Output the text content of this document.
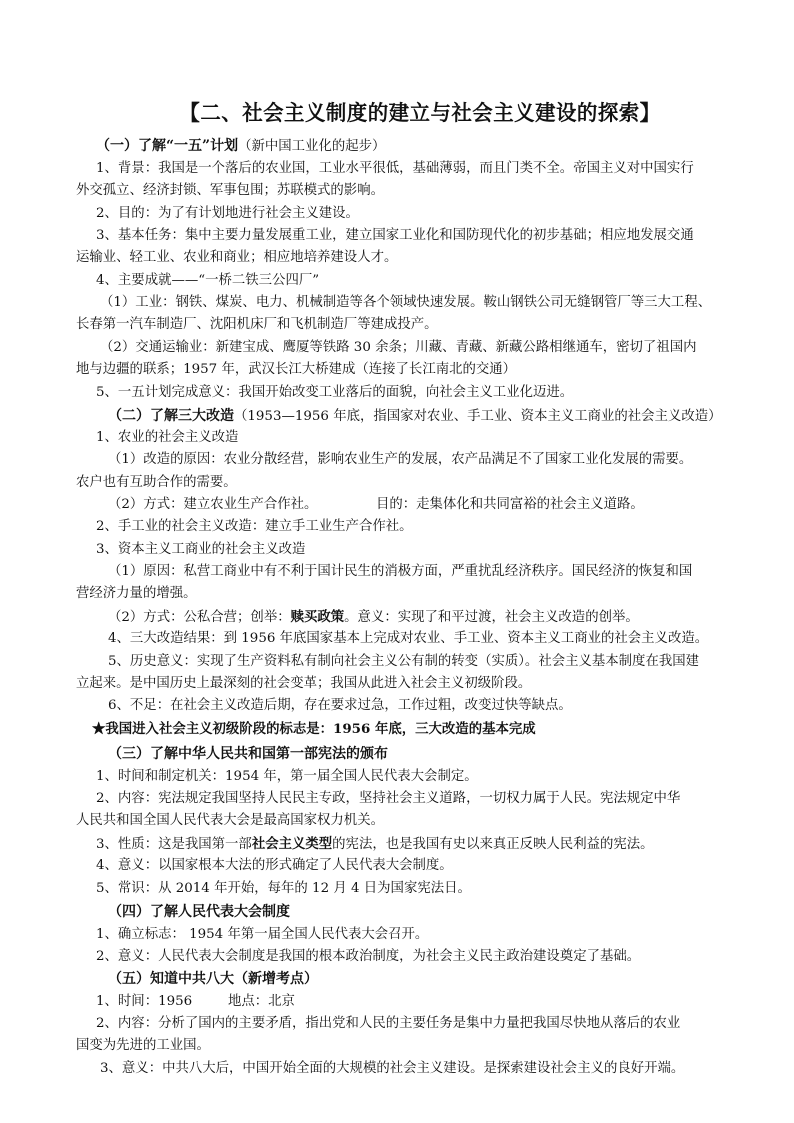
【二、社会主义制度的建立与社会主义建设的探索】
（一）了解“一五”计划（新中国工业化的起步）
1、背景：我国是一个落后的农业国，工业水平很低，基础薄弱，而且门类不全。帝国主义对中国实行
外交孤立、经济封锁、军事包围；苏联模式的影响。
2、目的：为了有计划地进行社会主义建设。
3、基本任务：集中主要力量发展重工业，建立国家工业化和国防现代化的初步基础；相应地发展交通
运输业、轻工业、农业和商业；相应地培养建设人才。
4、主要成就——“一桥二铁三公四厂”
（1）工业：钢铁、煤炭、电力、机械制造等各个领域快速发展。鞍山钢铁公司无缝钢管厂等三大工程、
长春第一汽车制造厂、沈阳机床厂和飞机制造厂等建成投产。
（2）交通运输业：新建宝成、鹰厦等铁路 30 余条；川藏、青藏、新藏公路相继通车，密切了祖国内
地与边疆的联系；1957 年，武汉长江大桥建成（连接了长江南北的交通）
5、一五计划完成意义：我国开始改变工业落后的面貌，向社会主义工业化迈进。
（二）了解三大改造（1953—1956 年底，指国家对农业、手工业、资本主义工商业的社会主义改造）
1、农业的社会主义改造
（1）改造的原因：农业分散经营，影响农业生产的发展，农产品满足不了国家工业化发展的需要。
农户也有互助合作的需要。
（2）方式：建立农业生产合作社。	目的：走集体化和共同富裕的社会主义道路。
2、手工业的社会主义改造：建立手工业生产合作社。
3、资本主义工商业的社会主义改造
（1）原因：私营工商业中有不利于国计民生的消极方面，严重扰乱经济秩序。国民经济的恢复和国
营经济力量的增强。
（2）方式：公私合营；创举：赎买政策。意义：实现了和平过渡，社会主义改造的创举。
4、三大改造结果：到 1956 年底国家基本上完成对农业、手工业、资本主义工商业的社会主义改造。
5、历史意义：实现了生产资料私有制向社会主义公有制的转变（实质）。社会主义基本制度在我国建
立起来。是中国历史上最深刻的社会变革；我国从此进入社会主义初级阶段。
6、不足：在社会主义改造后期，存在要求过急，工作过粗，改变过快等缺点。
★我国进入社会主义初级阶段的标志是：1956 年底，三大改造的基本完成
（三）了解中华人民共和国第一部宪法的颁布
1、时间和制定机关：1954 年，第一届全国人民代表大会制定。
2、内容：宪法规定我国坚持人民民主专政，坚持社会主义道路，一切权力属于人民。宪法规定中华
人民共和国全国人民代表大会是最高国家权力机关。
3、性质：这是我国第一部社会主义类型的宪法，也是我国有史以来真正反映人民利益的宪法。
4、意义：以国家根本大法的形式确定了人民代表大会制度。
5、常识：从 2014 年开始，每年的 12 月 4 日为国家宪法日。
（四）了解人民代表大会制度
1、确立标志： 1954 年第一届全国人民代表大会召开。
2、意义：人民代表大会制度是我国的根本政治制度，为社会主义民主政治建设奠定了基础。
（五）知道中共八大（新增考点）
1、时间：1956	地点：北京
2、内容：分析了国内的主要矛盾，指出党和人民的主要任务是集中力量把我国尽快地从落后的农业
国变为先进的工业国。
3、意义：中共八大后，中国开始全面的大规模的社会主义建设。是探索建设社会主义的良好开端。
